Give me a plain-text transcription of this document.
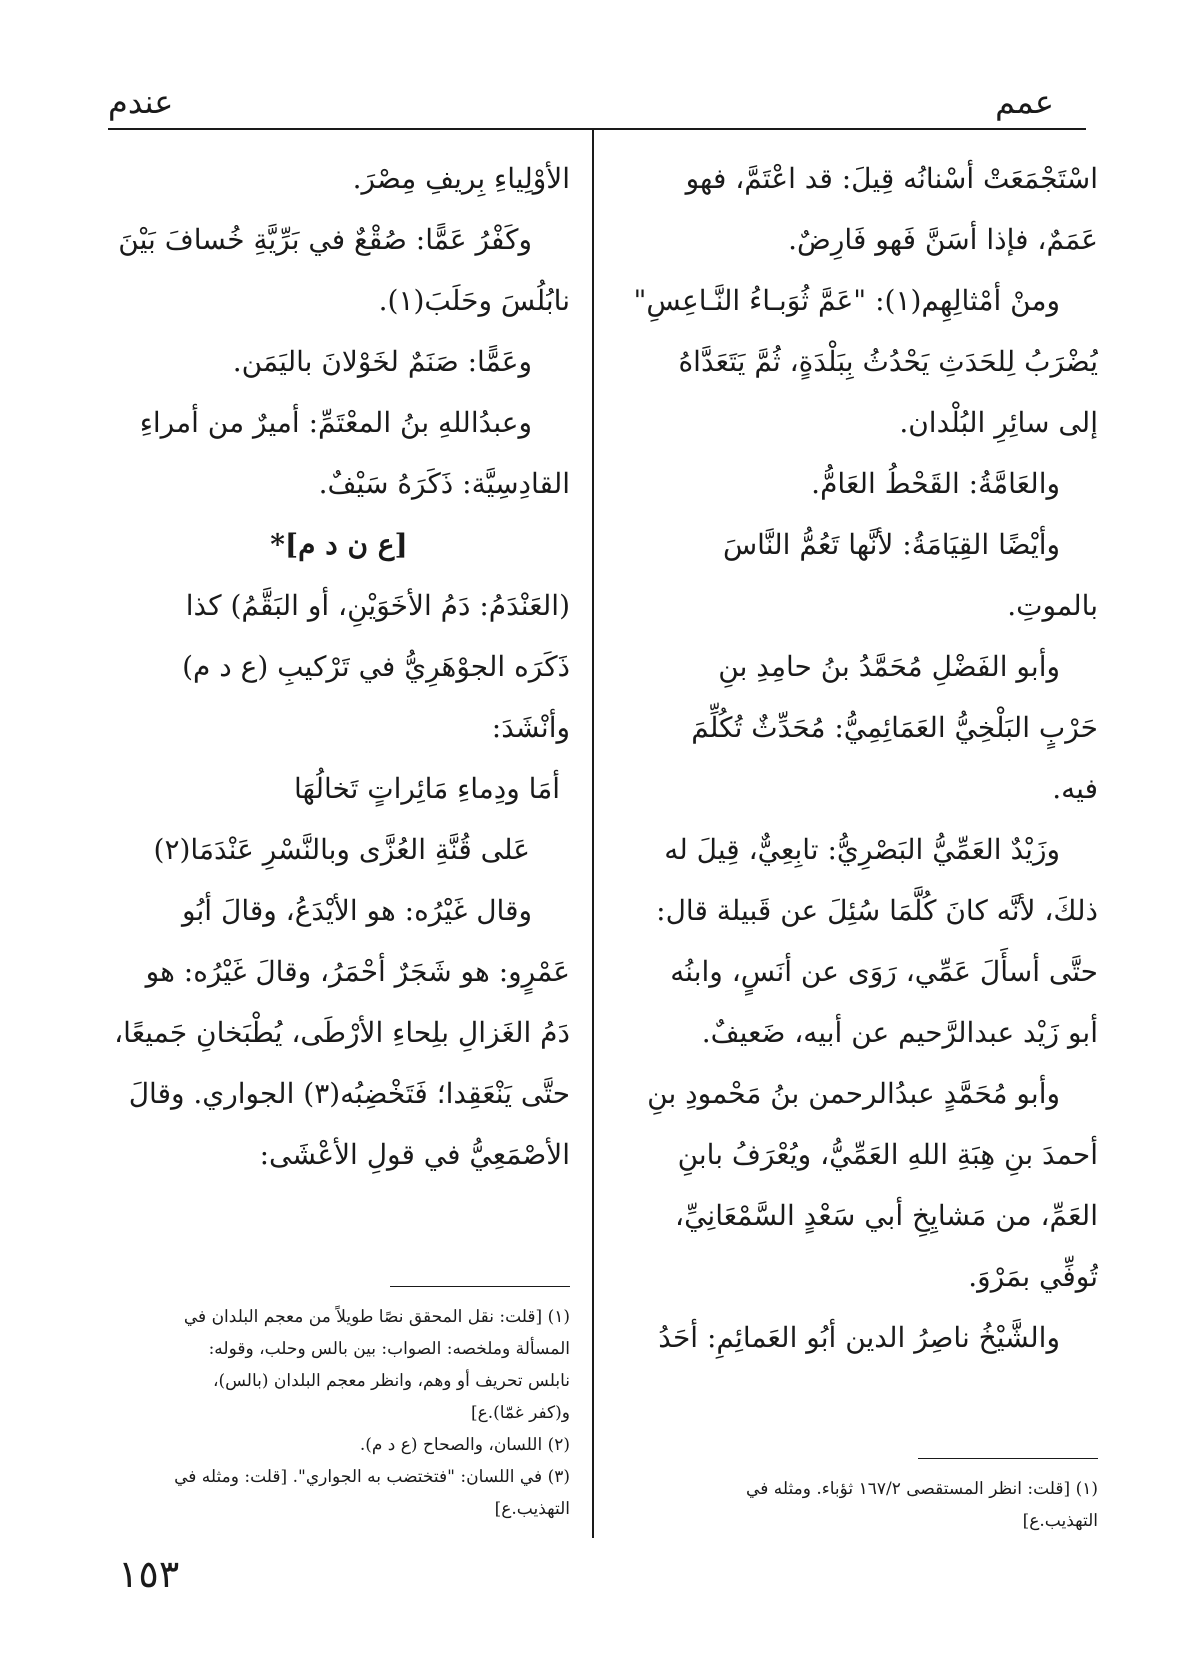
عمم
عندم

اسْتَجْمَعَتْ أسْنانُه قِيلَ: قد اعْتَمَّ، فهو

عَمَمٌ، فإذا أسَنَّ فَهو فَارِضٌ.

ومنْ أمْثالِهِم(١): "عَمَّ ثُوَبـاءُ النَّـاعِسِ"

يُضْرَبُ لِلحَدَثِ يَحْدُثُ بِبَلْدَةٍ، ثُمَّ يَتَعَدَّاهُ

إلى سائِرِ البُلْدان.

والعَامَّةُ: القَحْطُ العَامُّ.

وأيْضًا القِيَامَةُ: لأنَّها تَعُمُّ النَّاسَ

بالموتِ.

وأبو الفَضْلِ مُحَمَّدُ بنُ حامِدِ بنِ

حَرْبٍ البَلْخِيُّ العَمَائِمِيُّ: مُحَدِّثٌ تُكُلِّمَ

فيه.

وزَيْدٌ العَمِّيُّ البَصْرِيُّ: تابِعِيٌّ، قِيلَ له

ذلكَ، لأنَّه كانَ كُلَّمَا سُئِلَ عن قَبيلة قال:

حتَّى أسأَلَ عَمِّي، رَوَى عن أنَسٍ، وابنُه

أبو زَيْد عبدالرَّحيم عن أبيه، ضَعيفٌ.

وأبو مُحَمَّدٍ عبدُالرحمن بنُ مَحْمودِ بنِ

أحمدَ بنِ هِبَةِ اللهِ العَمِّيُّ، ويُعْرَفُ بابنِ

العَمِّ، من مَشايِخِ أبي سَعْدٍ السَّمْعَانِيِّ،

تُوفِّي بمَرْوَ.

والشَّيْخُ ناصِرُ الدين أبُو العَمائِمِ: أحَدُ

(١) [قلت: انظر المستقصى ١٦٧/٢ ثؤباء. ومثله في

التهذيب.ع]

الأوْلِياءِ بِريفِ مِصْرَ.

وكَفْرُ عَمًّا: صُقْعٌ في بَرِّيَّةِ خُسافَ بَيْنَ

نابُلُسَ وحَلَبَ(١).

وعَمًّا: صَنَمٌ لخَوْلانَ باليَمَن.

وعبدُاللهِ بنُ المعْتَمِّ: أميرٌ من أمراءِ

القادِسِيَّة: ذَكَرَهُ سَيْفٌ.

[ع ن د م]*

(العَنْدَمُ: دَمُ الأخَوَيْنِ، أو البَقَّمُ) كذا

ذَكَرَه الجوْهَرِيُّ في تَرْكيبِ (ع د م)

وأنْشَدَ:

أمَا ودِماءِ مَائِراتٍ تَخالُهَا

عَلى قُنَّةِ العُزَّى وبالنَّسْرِ عَنْدَمَا(٢)

وقال غَيْرُه: هو الأيْدَعُ، وقالَ أبُو

عَمْرٍو: هو شَجَرٌ أحْمَرُ، وقالَ غَيْرُه: هو

دَمُ الغَزالِ بلِحاءِ الأرْطَى، يُطْبَخانِ جَميعًا،

حتَّى يَنْعَقِدا؛ فَتَخْضِبُه(٣) الجواري. وقالَ

الأصْمَعِيُّ في قولِ الأعْشَى:

(١) [قلت: نقل المحقق نصًا طويلاً من معجم البلدان في

المسألة وملخصه: الصواب: بين بالس وحلب، وقوله:

نابلس تحريف أو وهم، وانظر معجم البلدان (بالس)،

و(كفر غمّا).ع]

(٢) اللسان، والصحاح (ع د م).

(٣) في اللسان: "فتختضب به الجواري". [قلت: ومثله في

التهذيب.ع]

١٥٣
